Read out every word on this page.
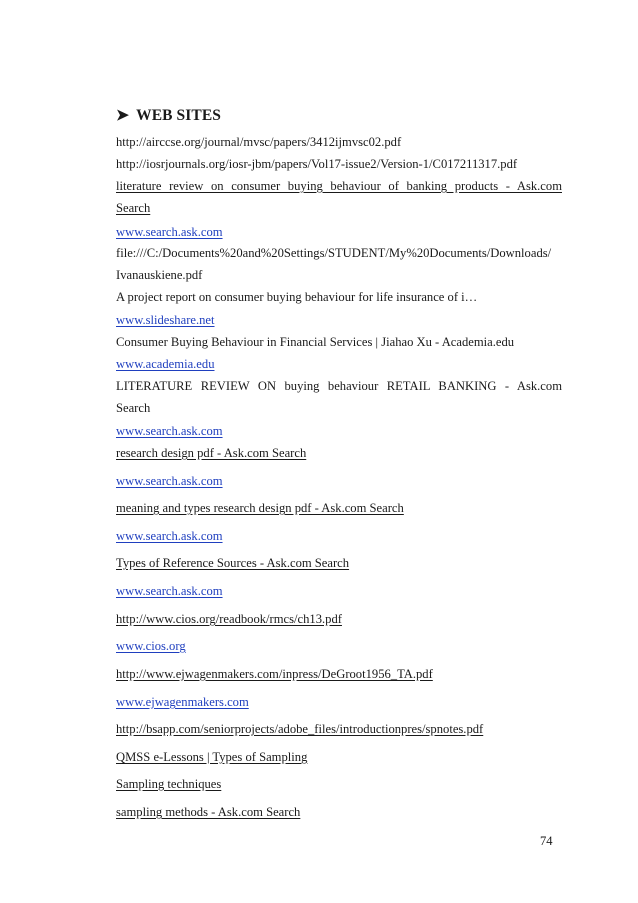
➤ WEB SITES
http://airccse.org/journal/mvsc/papers/3412ijmvsc02.pdf
http://iosrjournals.org/iosr-jbm/papers/Vol17-issue2/Version-1/C017211317.pdf
literature review on consumer buying behaviour of banking products - Ask.com
Search
www.search.ask.com
file:///C:/Documents%20and%20Settings/STUDENT/My%20Documents/Downloads/
Ivanauskiene.pdf
A project report on consumer buying behaviour for life insurance of i…
www.slideshare.net
Consumer Buying Behaviour in Financial Services | Jiahao Xu - Academia.edu
www.academia.edu
LITERATURE REVIEW ON buying behaviour RETAIL BANKING - Ask.com
Search
www.search.ask.com
research design pdf - Ask.com Search
www.search.ask.com
meaning and types research design pdf - Ask.com Search
www.search.ask.com
Types of Reference Sources - Ask.com Search
www.search.ask.com
http://www.cios.org/readbook/rmcs/ch13.pdf
www.cios.org
http://www.ejwagenmakers.com/inpress/DeGroot1956_TA.pdf
www.ejwagenmakers.com
http://bsapp.com/seniorprojects/adobe_files/introductionpres/spnotes.pdf
QMSS e-Lessons | Types of Sampling
Sampling techniques
sampling methods - Ask.com Search
74
